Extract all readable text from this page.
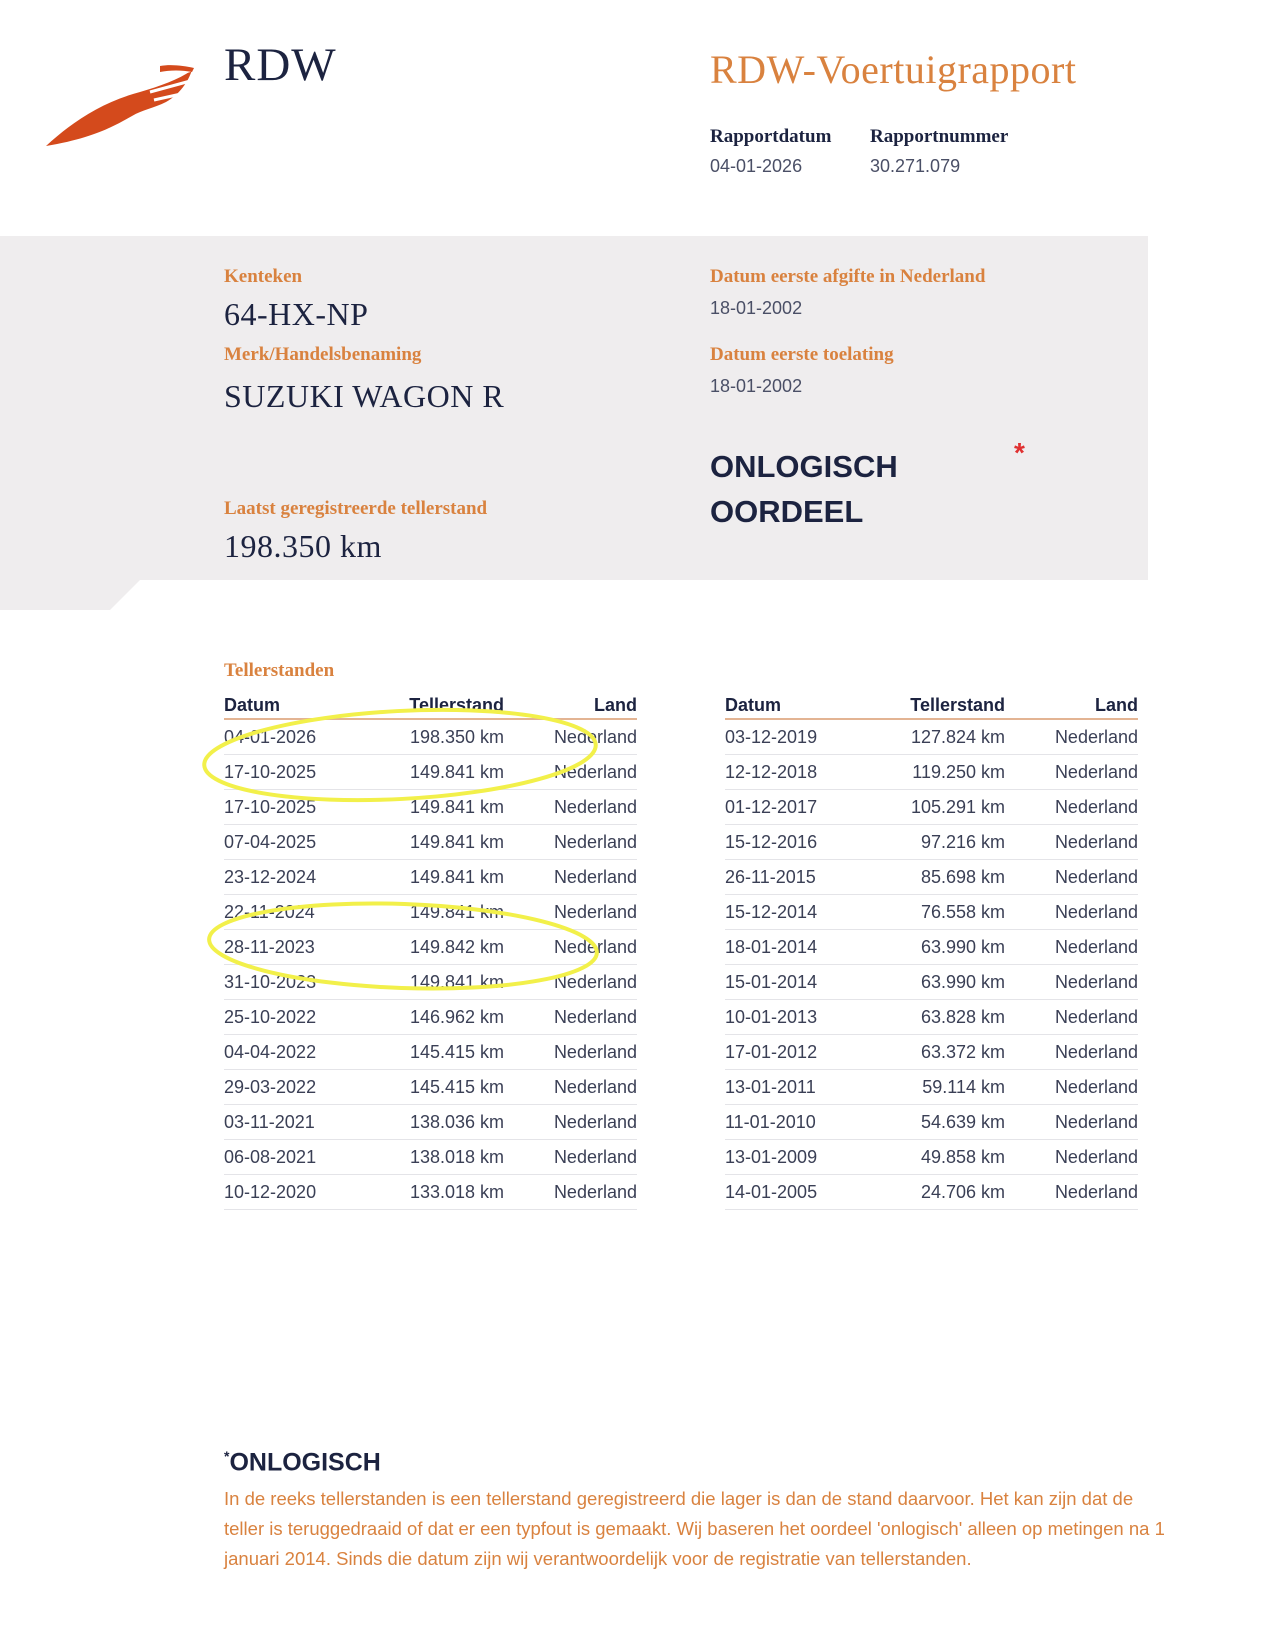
RDW	RDW-Voertuigrapport
Rapportdatum
04-01-2026
Rapportnummer
30.271.079
Kenteken
64-HX-NP
Merk/Handelsbenaming
SUZUKI WAGON R
Laatst geregistreerde tellerstand
198.350 km
Datum eerste afgifte in Nederland
18-01-2002
Datum eerste toelating
18-01-2002
ONLOGISCH
OORDEEL
*
Tellerstanden
Datum	Tellerstand	Land
04-01-2026	198.350 km	Nederland
17-10-2025	149.841 km	Nederland
17-10-2025	149.841 km	Nederland
07-04-2025	149.841 km	Nederland
23-12-2024	149.841 km	Nederland
22-11-2024	149.841 km	Nederland
28-11-2023	149.842 km	Nederland
31-10-2023	149.841 km	Nederland
25-10-2022	146.962 km	Nederland
04-04-2022	145.415 km	Nederland
29-03-2022	145.415 km	Nederland
03-11-2021	138.036 km	Nederland
06-08-2021	138.018 km	Nederland
10-12-2020	133.018 km	Nederland
Datum	Tellerstand	Land
03-12-2019	127.824 km	Nederland
12-12-2018	119.250 km	Nederland
01-12-2017	105.291 km	Nederland
15-12-2016	97.216 km	Nederland
26-11-2015	85.698 km	Nederland
15-12-2014	76.558 km	Nederland
18-01-2014	63.990 km	Nederland
15-01-2014	63.990 km	Nederland
10-01-2013	63.828 km	Nederland
17-01-2012	63.372 km	Nederland
13-01-2011	59.114 km	Nederland
11-01-2010	54.639 km	Nederland
13-01-2009	49.858 km	Nederland
14-01-2005	24.706 km	Nederland
*ONLOGISCH
In de reeks tellerstanden is een tellerstand geregistreerd die lager is dan de stand daarvoor. Het kan zijn dat de teller is teruggedraaid of dat er een typfout is gemaakt. Wij baseren het oordeel 'onlogisch' alleen op metingen na 1 januari 2014. Sinds die datum zijn wij verantwoordelijk voor de registratie van tellerstanden.
